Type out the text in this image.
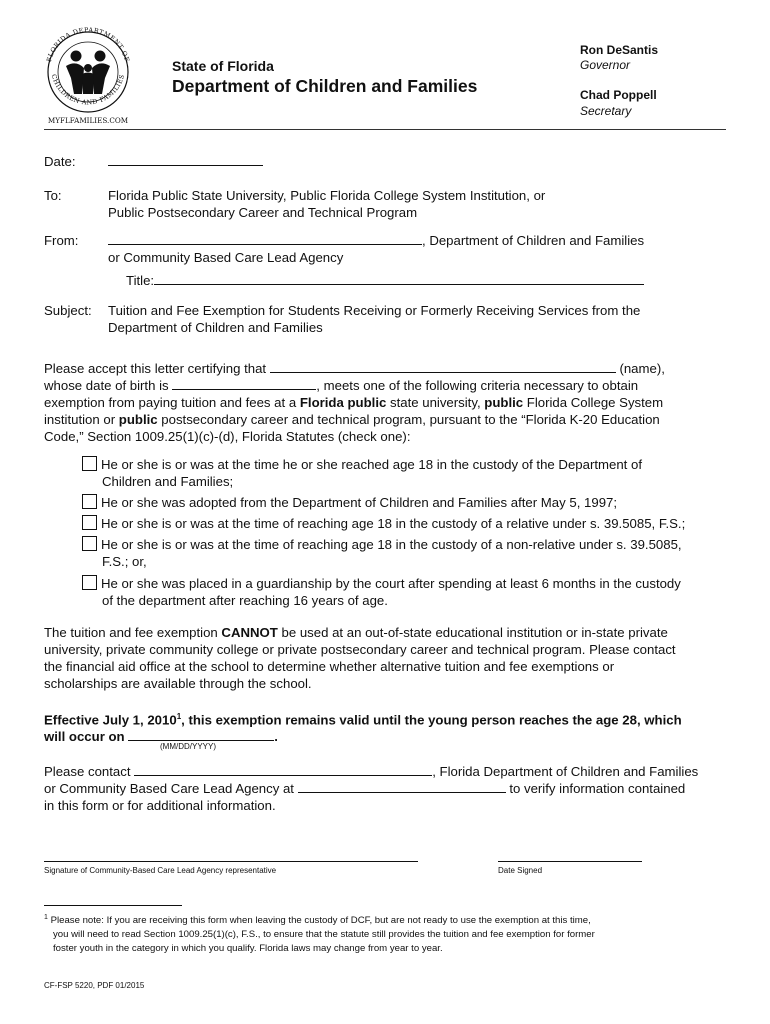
FLORIDA DEPARTMENT OF
CHILDREN AND FAMILIES
MYFLFAMILIES.COM
State of Florida
Department of Children and Families
Ron DeSantis
Governor
Chad Poppell
Secretary
Date:
To:	Florida Public State University, Public Florida College System Institution, or
Public Postsecondary Career and Technical Program
From:	, Department of Children and Families
or Community Based Care Lead Agency
Title:
Subject: Tuition and Fee Exemption for Students Receiving or Formerly Receiving Services from the
Department of Children and Families
Please accept this letter certifying that	(name),
whose date of birth is	, meets one of the following criteria necessary to obtain
exemption from paying tuition and fees at a Florida public state university, public Florida College System
institution or public postsecondary career and technical program, pursuant to the “Florida K-20 Education
Code,” Section 1009.25(1)(c)-(d), Florida Statutes (check one):
He or she is or was at the time he or she reached age 18 in the custody of the Department of
Children and Families;
He or she was adopted from the Department of Children and Families after May 5, 1997;
He or she is or was at the time of reaching age 18 in the custody of a relative under s. 39.5085, F.S.;
He or she is or was at the time of reaching age 18 in the custody of a non-relative under s. 39.5085,
F.S.; or,
He or she was placed in a guardianship by the court after spending at least 6 months in the custody
of the department after reaching 16 years of age.
The tuition and fee exemption CANNOT be used at an out-of-state educational institution or in-state private
university, private community college or private postsecondary career and technical program. Please contact
the financial aid office at the school to determine whether alternative tuition and fee exemptions or
scholarships are available through the school.
Effective July 1, 2010$^1$, this exemption remains valid until the young person reaches the age 28, which
will occur on	.
(MM/DD/YYYY)
Please contact	, Florida Department of Children and Families
or Community Based Care Lead Agency at	to verify information contained
in this form or for additional information.
Signature of Community-Based Care Lead Agency representative	Date Signed
$^1$ Please note: If you are receiving this form when leaving the custody of DCF, but are not ready to use the exemption at this time,
you will need to read Section 1009.25(1)(c), F.S., to ensure that the statute still provides the tuition and fee exemption for former
foster youth in the category in which you qualify. Florida laws may change from year to year.
CF-FSP 5220, PDF 01/2015
